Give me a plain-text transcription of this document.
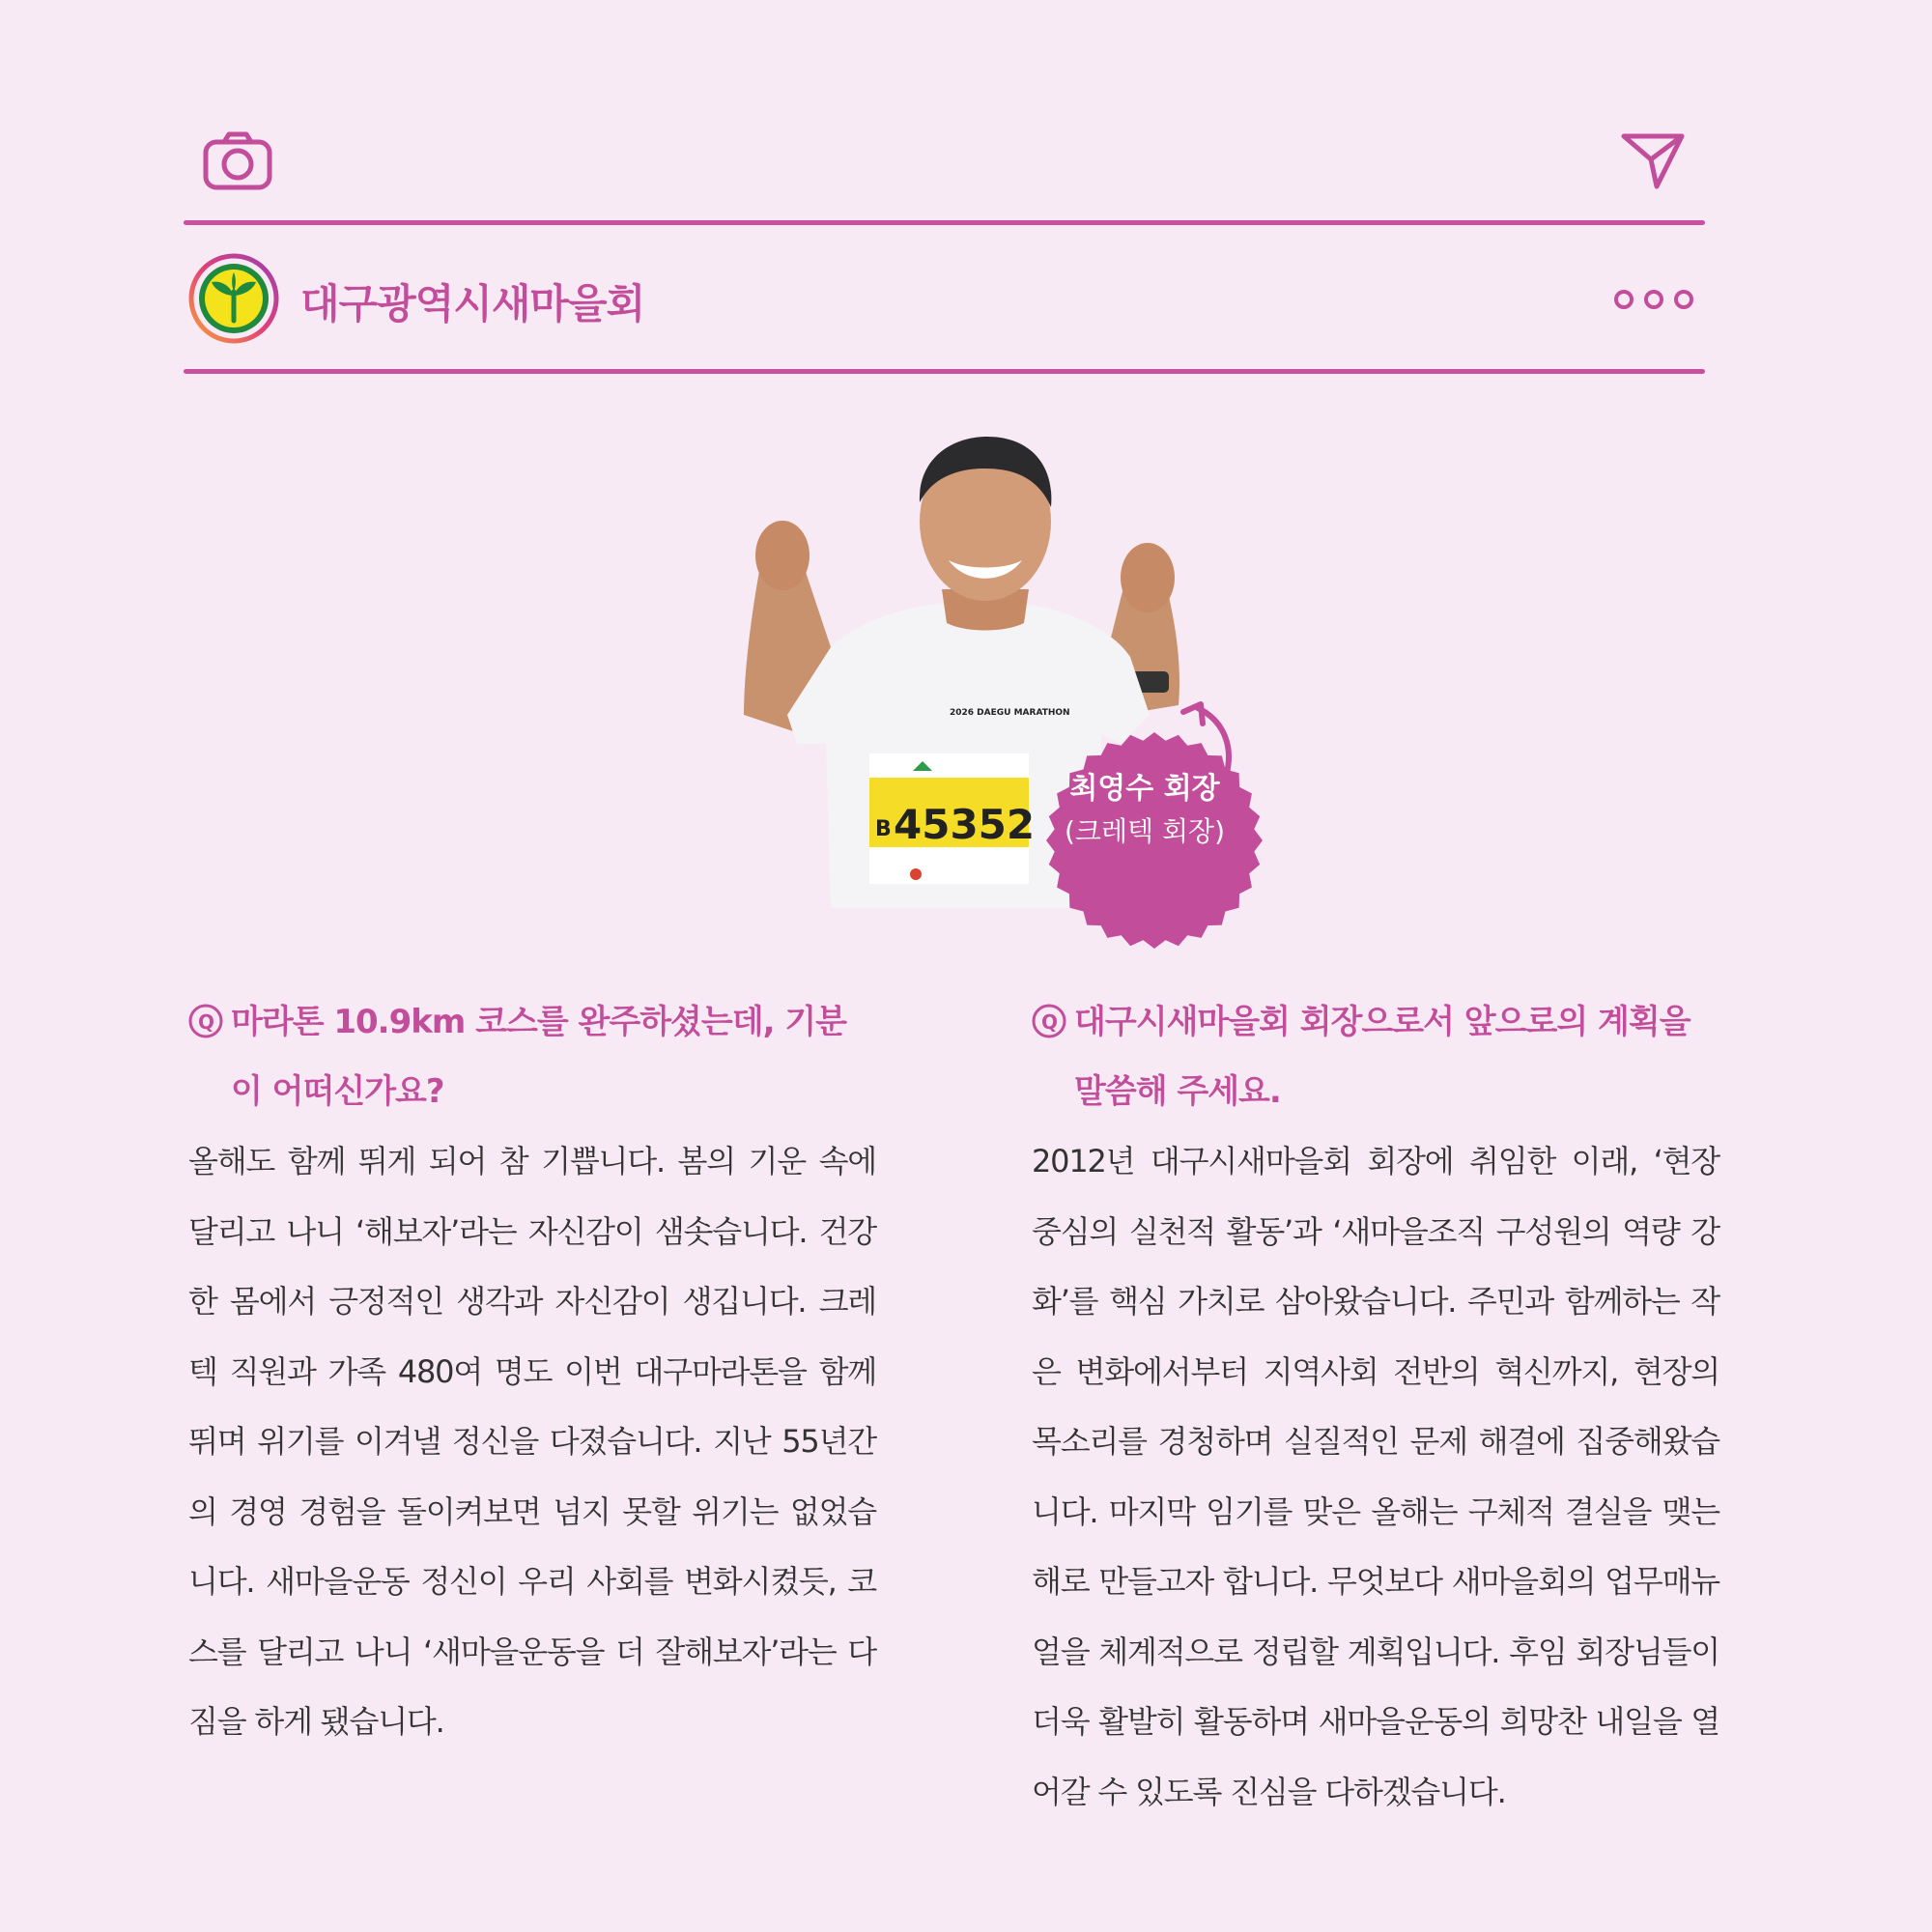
대구광역시새마을회
2026 DAEGU MARATHON
B 45352
최영수 회장
(크레텍 회장)
Q 마라톤 10.9km 코스를 완주하셨는데, 기분이 어떠신가요?

올해도 함께 뛰게 되어 참 기쁩니다. 봄의 기운 속에 달리고 나니 ‘해보자’라는 자신감이 샘솟습니다. 건강한 몸에서 긍정적인 생각과 자신감이 생깁니다. 크레텍 직원과 가족 480여 명도 이번 대구마라톤을 함께 뛰며 위기를 이겨낼 정신을 다졌습니다. 지난 55년간의 경영 경험을 돌이켜보면 넘지 못할 위기는 없었습니다. 새마을운동 정신이 우리 사회를 변화시켰듯, 코스를 달리고 나니 ‘새마을운동을 더 잘해보자’라는 다짐을 하게 됐습니다.

Q 대구시새마을회 회장으로서 앞으로의 계획을 말씀해 주세요.

2012년 대구시새마을회 회장에 취임한 이래, ‘현장 중심의 실천적 활동’과 ‘새마을조직 구성원의 역량 강화’를 핵심 가치로 삼아왔습니다. 주민과 함께하는 작은 변화에서부터 지역사회 전반의 혁신까지, 현장의 목소리를 경청하며 실질적인 문제 해결에 집중해왔습니다. 마지막 임기를 맞은 올해는 구체적 결실을 맺는 해로 만들고자 합니다. 무엇보다 새마을회의 업무매뉴얼을 체계적으로 정립할 계획입니다. 후임 회장님들이 더욱 활발히 활동하며 새마을운동의 희망찬 내일을 열어갈 수 있도록 진심을 다하겠습니다.
